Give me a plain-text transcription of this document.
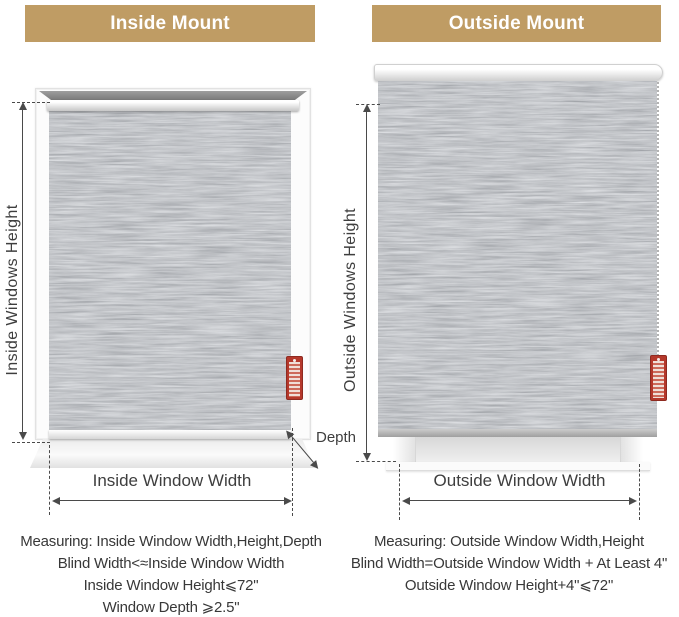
Inside Mount
Inside Windows Height
Inside Window Width
Depth
Measuring: Inside Window Width,Height,Depth
Blind Width<≈Inside Window Width
Inside Window Height⩽72"
Window Depth ⩾2.5"
Outside Mount
Outside Windows Height
Outside Window Width
Measuring: Outside Window Width,Height
Blind Width=Outside Window Width + At Least 4"
Outside Window Height+4"⩽72"
